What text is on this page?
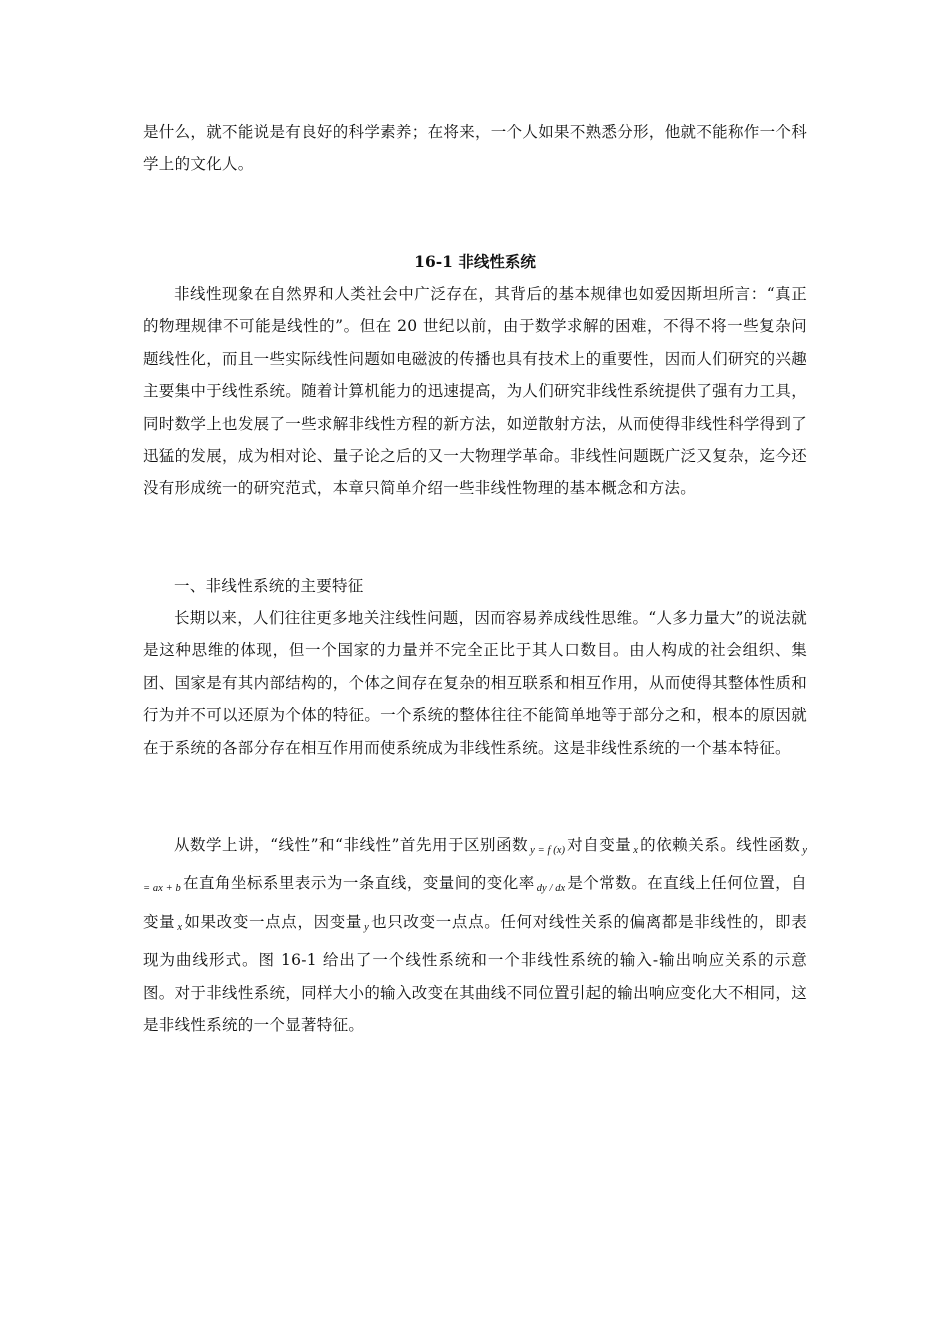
是什么，就不能说是有良好的科学素养；在将来，一个人如果不熟悉分形，他就不能称作一个科学上的文化人。

16-1 非线性系统

非线性现象在自然界和人类社会中广泛存在，其背后的基本规律也如爱因斯坦所言：“真正的物理规律不可能是线性的”。但在 20 世纪以前，由于数学求解的困难，不得不将一些复杂问题线性化，而且一些实际线性问题如电磁波的传播也具有技术上的重要性，因而人们研究的兴趣主要集中于线性系统。随着计算机能力的迅速提高，为人们研究非线性系统提供了强有力工具，同时数学上也发展了一些求解非线性方程的新方法，如逆散射方法，从而使得非线性科学得到了迅猛的发展，成为相对论、量子论之后的又一大物理学革命。非线性问题既广泛又复杂，迄今还没有形成统一的研究范式，本章只简单介绍一些非线性物理的基本概念和方法。

一、非线性系统的主要特征

长期以来，人们往往更多地关注线性问题，因而容易养成线性思维。“人多力量大”的说法就是这种思维的体现，但一个国家的力量并不完全正比于其人口数目。由人构成的社会组织、集团、国家是有其内部结构的，个体之间存在复杂的相互联系和相互作用，从而使得其整体性质和行为并不可以还原为个体的特征。一个系统的整体往往不能简单地等于部分之和，根本的原因就在于系统的各部分存在相互作用而使系统成为非线性系统。这是非线性系统的一个基本特征。

从数学上讲，“线性”和“非线性”首先用于区别函数 y = f (x) 对自变量 x 的依赖关系。线性函数 y = ax + b 在直角坐标系里表示为一条直线，变量间的变化率 dy / dx 是个常数。在直线上任何位置，自变量 x 如果改变一点点，因变量 y 也只改变一点点。任何对线性关系的偏离都是非线性的，即表现为曲线形式。图 16-1 给出了一个线性系统和一个非线性系统的输入-输出响应关系的示意图。对于非线性系统，同样大小的输入改变在其曲线不同位置引起的输出响应变化大不相同，这是非线性系统的一个显著特征。
